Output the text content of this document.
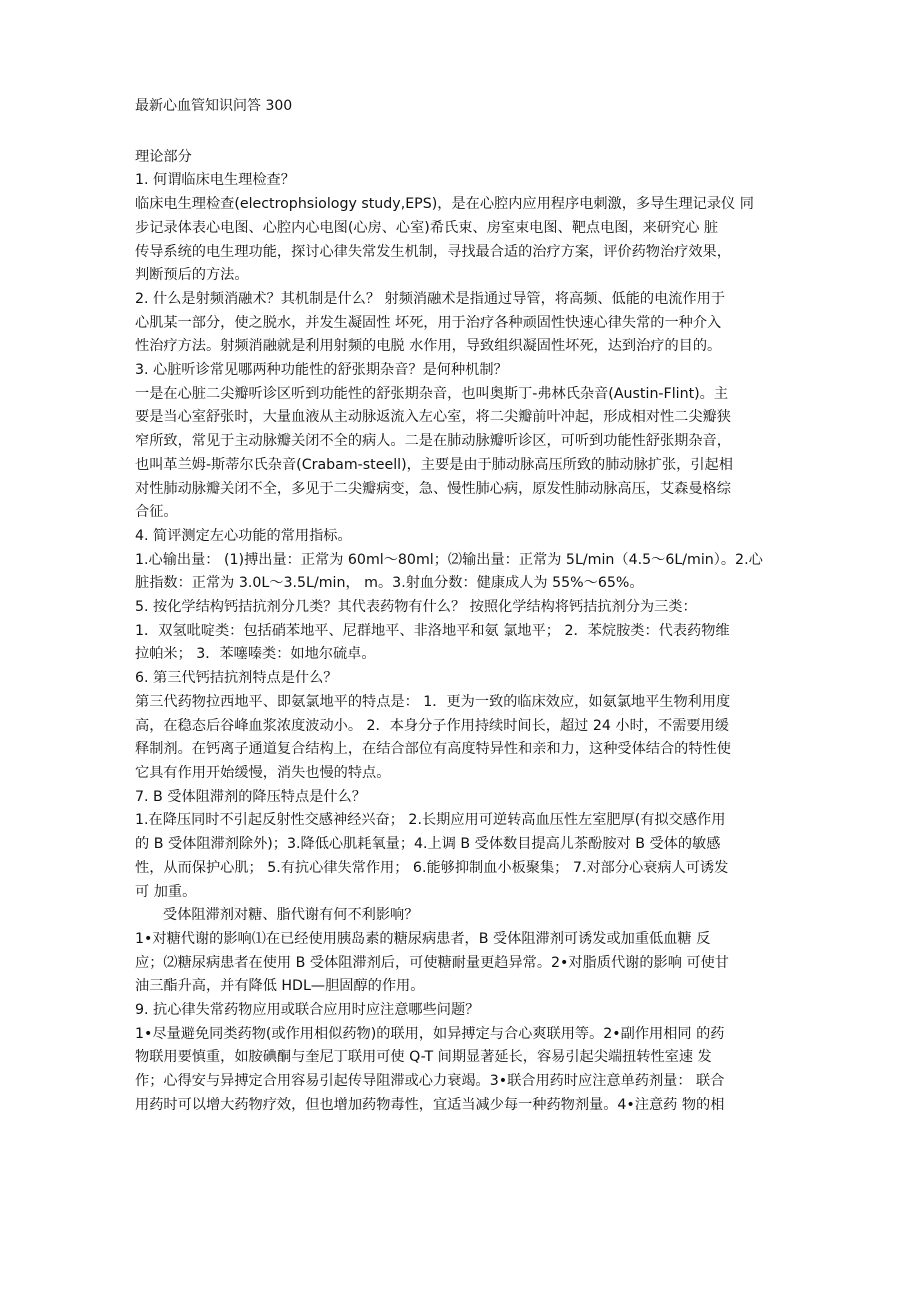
最新心血管知识问答 300

理论部分

1. 何谓临床电生理检查？

临床电生理检查(electrophsiology study,EPS)，是在心腔内应用程序电刺激，多导生理记录仪 同

步记录体表心电图、心腔内心电图(心房、心室)希氏束、房室束电图、靶点电图，来研究心 脏

传导系统的电生理功能，探讨心律失常发生机制，寻找最合适的治疗方案，评价药物治疗效果，

判断预后的方法。

2. 什么是射频消融术？其机制是什么？ 射频消融术是指通过导管，将高频、低能的电流作用于

心肌某一部分，使之脱水，并发生凝固性 坏死，用于治疗各种顽固性快速心律失常的一种介入

性治疗方法。射频消融就是利用射频的电脱 水作用，导致组织凝固性坏死，达到治疗的目的。

3. 心脏听诊常见哪两种功能性的舒张期杂音？是何种机制？

一是在心脏二尖瓣听诊区听到功能性的舒张期杂音，也叫奥斯丁-弗林氏杂音(Austin-Flint)。主

要是当心室舒张时，大量血液从主动脉返流入左心室，将二尖瓣前叶冲起，形成相对性二尖瓣狭

窄所致，常见于主动脉瓣关闭不全的病人。二是在肺动脉瓣听诊区，可听到功能性舒张期杂音，

也叫革兰姆-斯蒂尔氏杂音(Crabam-steell)，主要是由于肺动脉高压所致的肺动脉扩张，引起相

对性肺动脉瓣关闭不全，多见于二尖瓣病变，急、慢性肺心病，原发性肺动脉高压，艾森曼格综

合征。

4. 简评测定左心功能的常用指标。

1.心输出量： (1)搏出量：正常为 60ml～80ml；⑵输出量：正常为 5L/min（4.5～6L/min）。2.心

脏指数：正常为 3.0L～3.5L/min， m。3.射血分数：健康成人为 55%～65%。

5. 按化学结构钙拮抗剂分几类？其代表药物有什么？ 按照化学结构将钙拮抗剂分为三类：

1．双氢吡啶类：包括硝苯地平、尼群地平、非洛地平和氨 氯地平； 2．苯烷胺类：代表药物维

拉帕米； 3．苯噻嗪类：如地尔硫卓。

6. 第三代钙拮抗剂特点是什么？

第三代药物拉西地平、即氨氯地平的特点是： 1．更为一致的临床效应，如氨氯地平生物利用度

高，在稳态后谷峰血浆浓度波动小。 2．本身分子作用持续时间长，超过 24 小时，不需要用缓

释制剂。在钙离子通道复合结构上，在结合部位有高度特异性和亲和力，这种受体结合的特性使

它具有作用开始缓慢，消失也慢的特点。

7. B 受体阻滞剂的降压特点是什么？

1.在降压同时不引起反射性交感神经兴奋； 2.长期应用可逆转高血压性左室肥厚(有拟交感作用

的 B 受体阻滞剂除外)；3.降低心肌耗氧量；4.上调 B 受体数目提高儿茶酚胺对 B 受体的敏感

性，从而保护心肌； 5.有抗心律失常作用； 6.能够抑制血小板聚集； 7.对部分心衰病人可诱发

可 加重。

受体阻滞剂对糖、脂代谢有何不利影响？

1•对糖代谢的影响⑴在已经使用胰岛素的糖尿病患者，B 受体阻滞剂可诱发或加重低血糖 反

应；⑵糖尿病患者在使用 B 受体阻滞剂后，可使糖耐量更趋异常。2•对脂质代谢的影响 可使甘

油三酯升高，并有降低 HDL—胆固醇的作用。

9. 抗心律失常药物应用或联合应用时应注意哪些问题？

1•尽量避免同类药物(或作用相似药物)的联用，如异搏定与合心爽联用等。2•副作用相同 的药

物联用要慎重，如胺碘酮与奎尼丁联用可使 Q-T 间期显著延长，容易引起尖端扭转性室速 发

作；心得安与异搏定合用容易引起传导阻滞或心力衰竭。3•联合用药时应注意单药剂量： 联合

用药时可以增大药物疗效，但也增加药物毒性，宜适当减少每一种药物剂量。4•注意药 物的相
